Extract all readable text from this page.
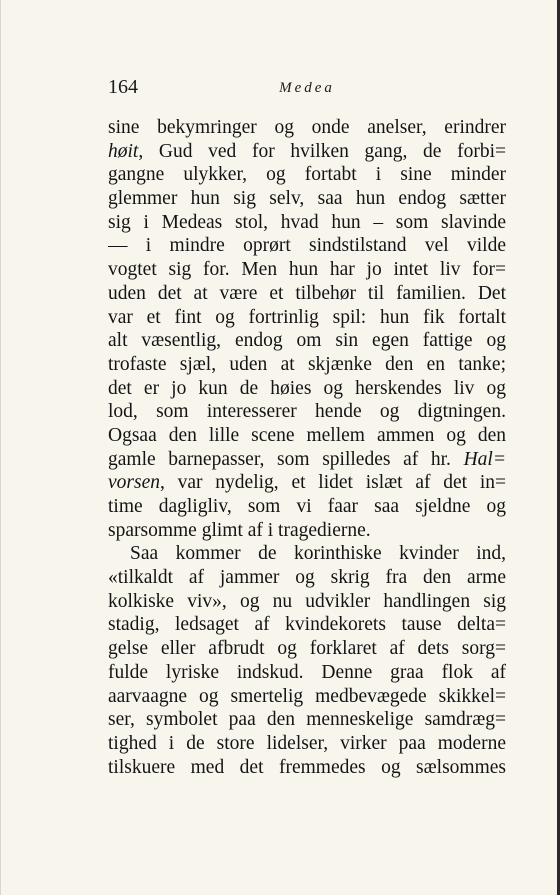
164	Medea
sine bekymringer og onde anelser, erindrer
høit, Gud ved for hvilken gang, de forbi=
gangne ulykker, og fortabt i sine minder
glemmer hun sig selv, saa hun endog sætter
sig i Medeas stol, hvad hun – som slavinde
— i mindre oprørt sindstilstand vel vilde
vogtet sig for. Men hun har jo intet liv for=
uden det at være et tilbehør til familien. Det
var et fint og fortrinlig spil: hun fik fortalt
alt væsentlig, endog om sin egen fattige og
trofaste sjæl, uden at skjænke den en tanke;
det er jo kun de høies og herskendes liv og
lod, som interesserer hende og digtningen.
Ogsaa den lille scene mellem ammen og den
gamle barnepasser, som spilledes af hr. Hal=
vorsen, var nydelig, et lidet islæt af det in=
time dagligliv, som vi faar saa sjeldne og
sparsomme glimt af i tragedierne.
Saa kommer de korinthiske kvinder ind,
«tilkaldt af jammer og skrig fra den arme
kolkiske viv», og nu udvikler handlingen sig
stadig, ledsaget af kvindekorets tause delta=
gelse eller afbrudt og forklaret af dets sorg=
fulde lyriske indskud. Denne graa flok af
aarvaagne og smertelig medbevægede skikkel=
ser, symbolet paa den menneskelige samdræg=
tighed i de store lidelser, virker paa moderne
tilskuere med det fremmedes og sælsommes
